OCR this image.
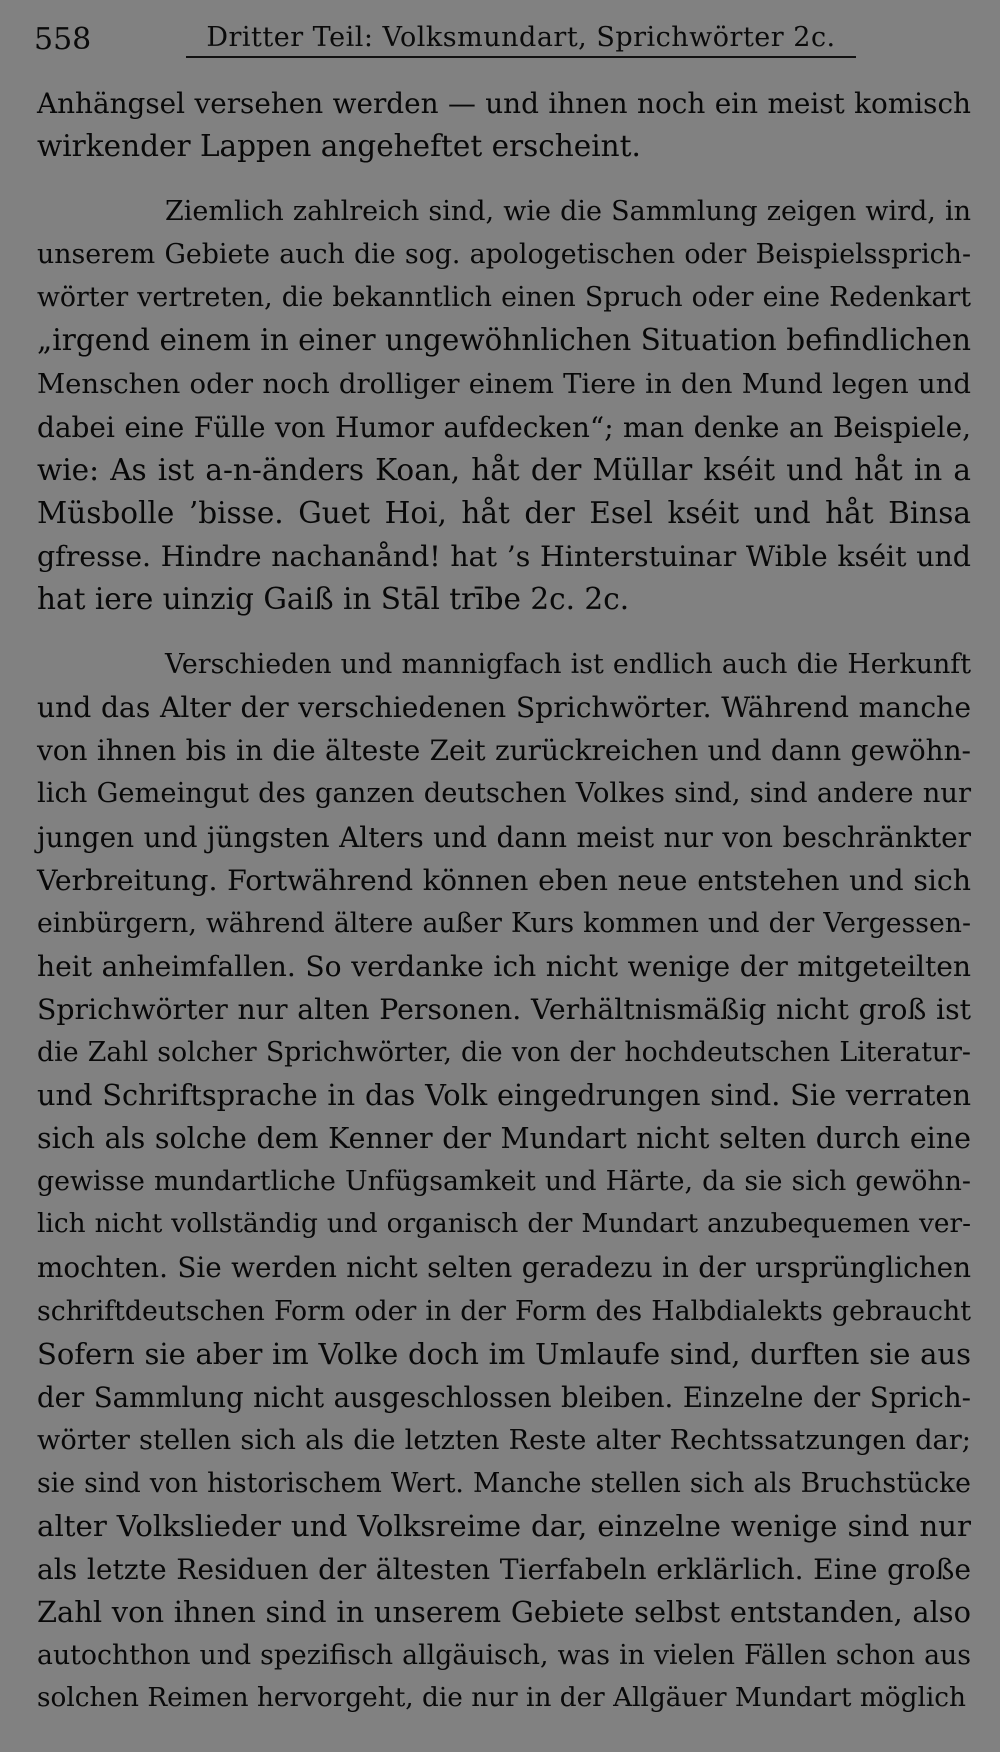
558	Dritter Teil: Volksmundart, Sprichwörter 2c.
Anhängsel versehen werden — und ihnen noch ein meist komisch
wirkender Lappen angeheftet erscheint.
Ziemlich zahlreich sind, wie die Sammlung zeigen wird, in
unserem Gebiete auch die sog. apologetischen oder Beispielssprich-
wörter vertreten, die bekanntlich einen Spruch oder eine Redenkart
„irgend einem in einer ungewöhnlichen Situation befindlichen
Menschen oder noch drolliger einem Tiere in den Mund legen und
dabei eine Fülle von Humor aufdecken“; man denke an Beispiele,
wie: As ist a-n-änders Koan, håt der Müllar kséit und håt in a
Müsbolle ’bisse. Guet Hoi, håt der Esel kséit und håt Binsa
gfresse. Hindre nachanånd! hat ’s Hinterstuinar Wible kséit und
hat iere uinzig Gaiß in Stāl trībe 2c. 2c.
Verschieden und mannigfach ist endlich auch die Herkunft
und das Alter der verschiedenen Sprichwörter. Während manche
von ihnen bis in die älteste Zeit zurückreichen und dann gewöhn-
lich Gemeingut des ganzen deutschen Volkes sind, sind andere nur
jungen und jüngsten Alters und dann meist nur von beschränkter
Verbreitung. Fortwährend können eben neue entstehen und sich
einbürgern, während ältere außer Kurs kommen und der Vergessen-
heit anheimfallen. So verdanke ich nicht wenige der mitgeteilten
Sprichwörter nur alten Personen. Verhältnismäßig nicht groß ist
die Zahl solcher Sprichwörter, die von der hochdeutschen Literatur-
und Schriftsprache in das Volk eingedrungen sind. Sie verraten
sich als solche dem Kenner der Mundart nicht selten durch eine
gewisse mundartliche Unfügsamkeit und Härte, da sie sich gewöhn-
lich nicht vollständig und organisch der Mundart anzubequemen ver-
mochten. Sie werden nicht selten geradezu in der ursprünglichen
schriftdeutschen Form oder in der Form des Halbdialekts gebraucht
Sofern sie aber im Volke doch im Umlaufe sind, durften sie aus
der Sammlung nicht ausgeschlossen bleiben. Einzelne der Sprich-
wörter stellen sich als die letzten Reste alter Rechtssatzungen dar;
sie sind von historischem Wert. Manche stellen sich als Bruchstücke
alter Volkslieder und Volksreime dar, einzelne wenige sind nur
als letzte Residuen der ältesten Tierfabeln erklärlich. Eine große
Zahl von ihnen sind in unserem Gebiete selbst entstanden, also
autochthon und spezifisch allgäuisch, was in vielen Fällen schon aus
solchen Reimen hervorgeht, die nur in der Allgäuer Mundart möglich
